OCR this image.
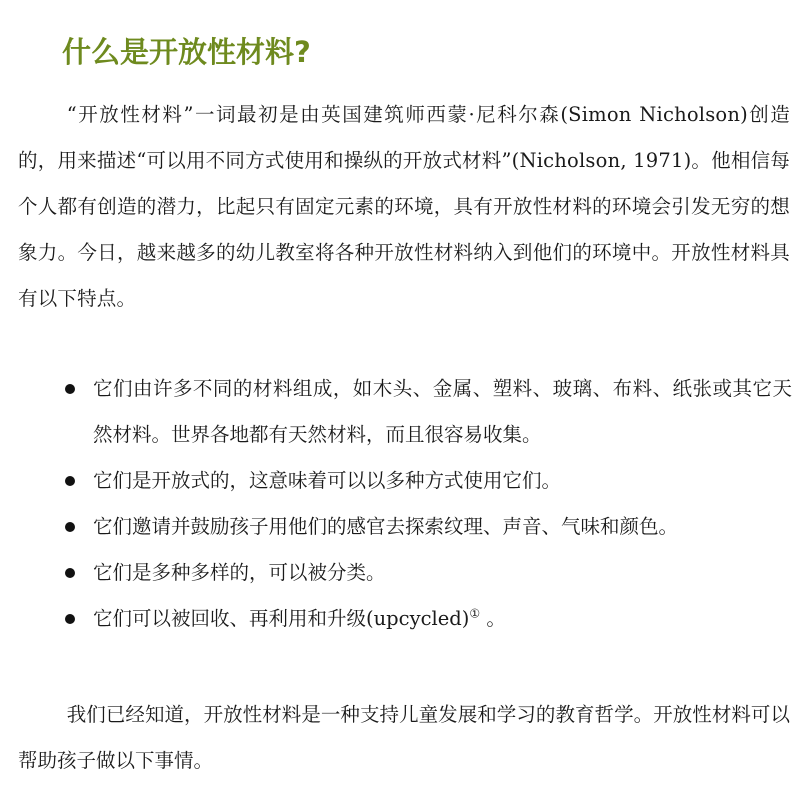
什么是开放性材料?

“开放性材料”一词最初是由英国建筑师西蒙·尼科尔森(Simon Nicholson)创造的，用来描述“可以用不同方式使用和操纵的开放式材料”(Nicholson, 1971)。他相信每个人都有创造的潜力，比起只有固定元素的环境，具有开放性材料的环境会引发无穷的想象力。今日，越来越多的幼儿教室将各种开放性材料纳入到他们的环境中。开放性材料具有以下特点。

它们由许多不同的材料组成，如木头、金属、塑料、玻璃、布料、纸张或其它天然材料。世界各地都有天然材料，而且很容易收集。
它们是开放式的，这意味着可以以多种方式使用它们。
它们邀请并鼓励孩子用他们的感官去探索纹理、声音、气味和颜色。
它们是多种多样的，可以被分类。
它们可以被回收、再利用和升级(upcycled)① 。

我们已经知道，开放性材料是一种支持儿童发展和学习的教育哲学。开放性材料可以帮助孩子做以下事情。
